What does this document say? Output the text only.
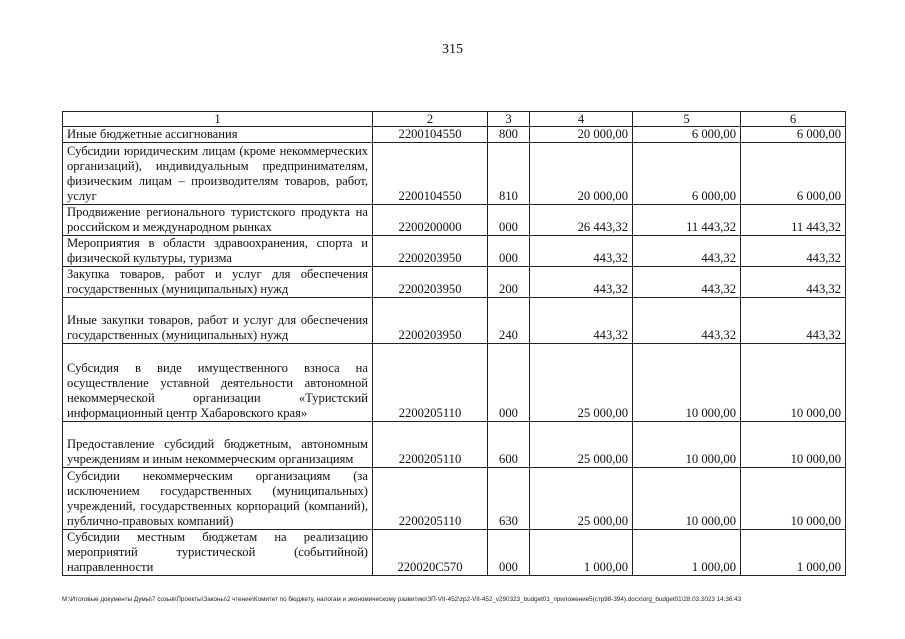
315
1	2	3	4	5	6
Иные бюджетные ассигнования	2200104550	800	20 000,00	6 000,00	6 000,00
Субсидии юридическим лицам (кроме некоммерческих организаций), индивидуальным предпринимателям, физическим лицам – производителям товаров, работ, услуг	2200104550	810	20 000,00	6 000,00	6 000,00
Продвижение регионального туристского продукта на российском и международном рынках	2200200000	000	26 443,32	11 443,32	11 443,32
Мероприятия в области здравоохранения, спорта и физической культуры, туризма	2200203950	000	443,32	443,32	443,32
Закупка товаров, работ и услуг для обеспечения государственных (муниципальных) нужд	2200203950	200	443,32	443,32	443,32
Иные закупки товаров, работ и услуг для обеспечения государственных (муниципальных) нужд	2200203950	240	443,32	443,32	443,32
Субсидия в виде имущественного взноса на осуществление уставной деятельности автономной некоммерческой организации «Туристский информационный центр Хабаровского края»	2200205110	000	25 000,00	10 000,00	10 000,00
Предоставление субсидий бюджетным, автономным учреждениям и иным некоммерческим организациям	2200205110	600	25 000,00	10 000,00	10 000,00
Субсидии некоммерческим организациям (за исключением государственных (муниципальных) учреждений, государственных корпораций (компаний), публично-правовых компаний)	2200205110	630	25 000,00	10 000,00	10 000,00
Субсидии местным бюджетам на реализацию мероприятий туристической (событийной) направленности	220020С570	000	1 000,00	1 000,00	1 000,00
M:\Итоговые документы Думы\7 созыв\Проекты\Законы\2 чтение\Комитет по бюджету, налогам и экономическому развитию\ЗП-VII-452\zp2-VII-452_v290323_budget01_приложение5(стр98-394).docx\org_budget01\28.03.2023 14:36:43
